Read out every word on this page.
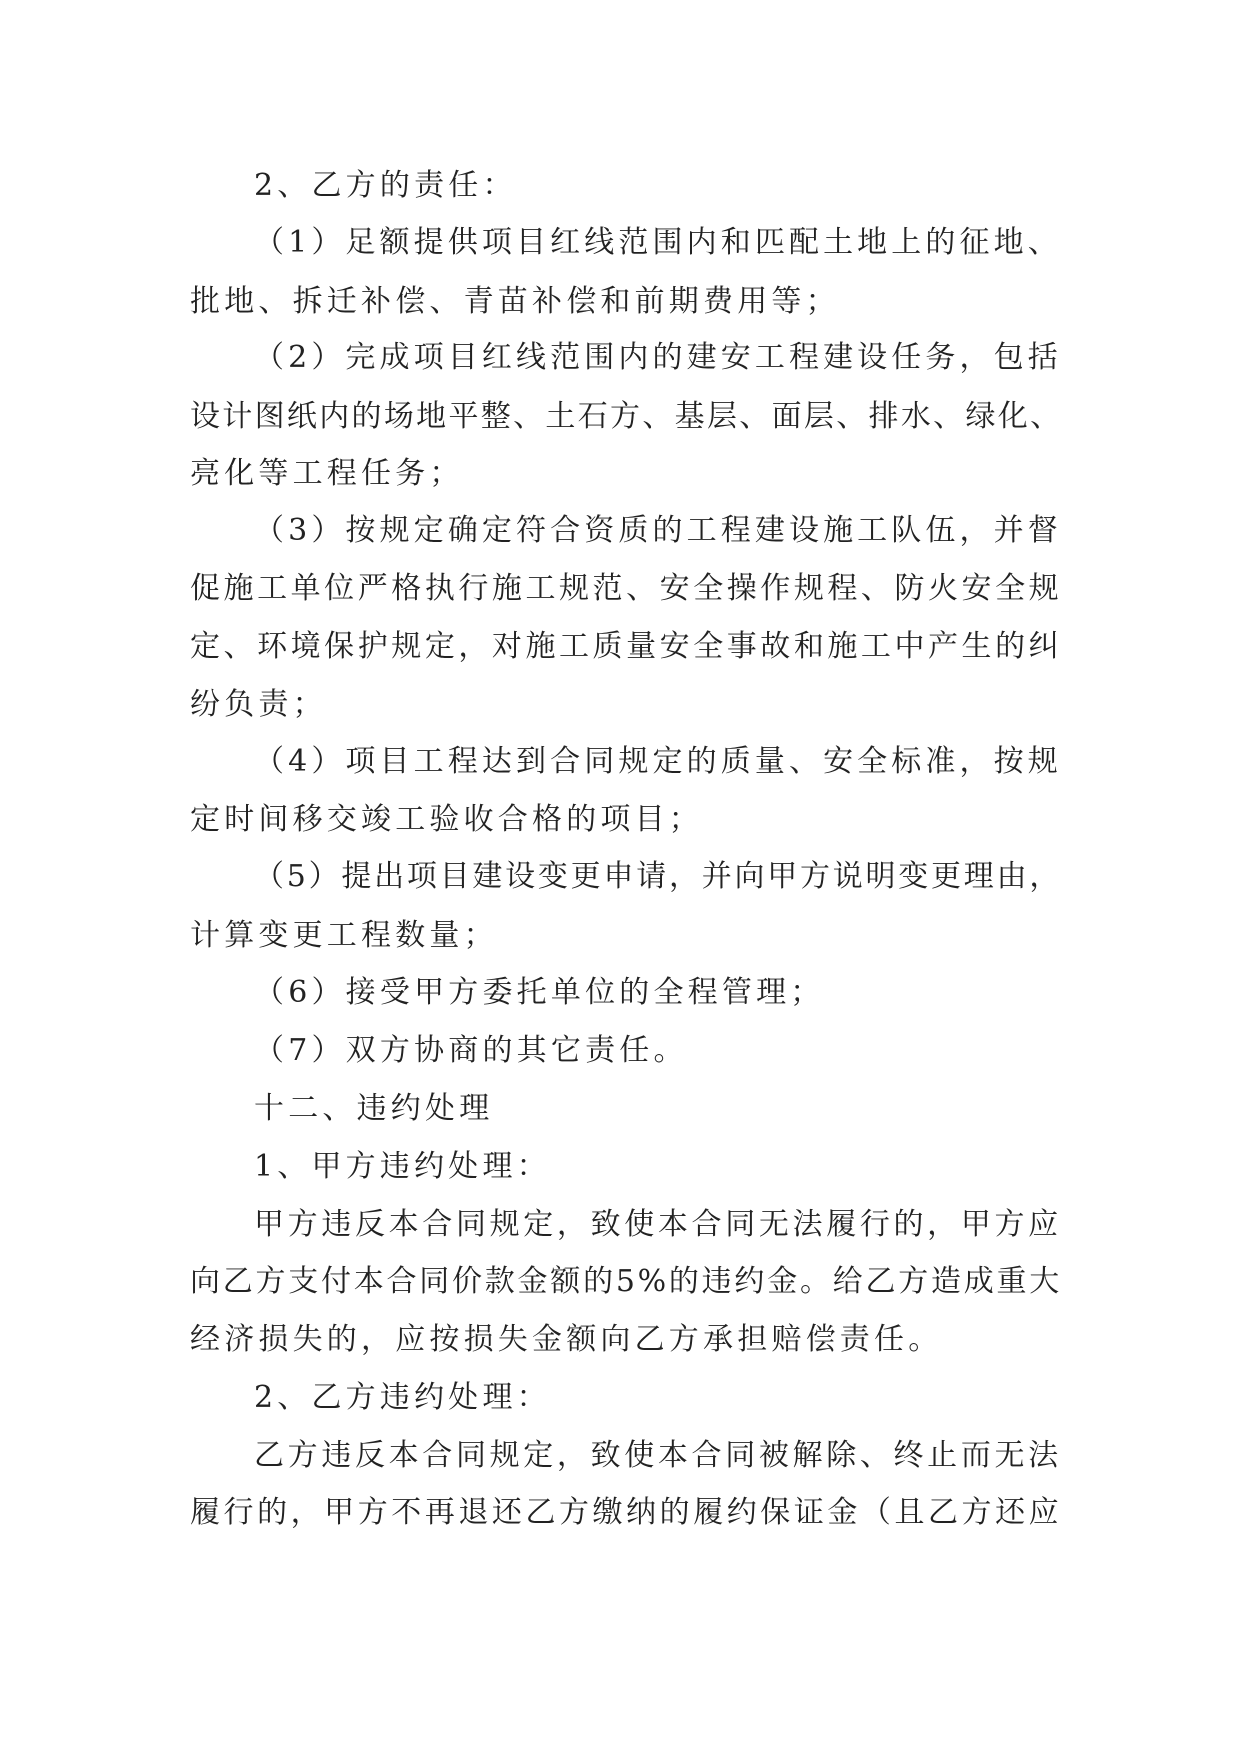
2、乙方的责任：
（1）足额提供项目红线范围内和匹配土地上的征地、
批地、拆迁补偿、青苗补偿和前期费用等；
（2）完成项目红线范围内的建安工程建设任务，包括
设计图纸内的场地平整、土石方、基层、面层、排水、绿化、
亮化等工程任务；
（3）按规定确定符合资质的工程建设施工队伍，并督
促施工单位严格执行施工规范、安全操作规程、防火安全规
定、环境保护规定，对施工质量安全事故和施工中产生的纠
纷负责；
（4）项目工程达到合同规定的质量、安全标准，按规
定时间移交竣工验收合格的项目；
（5）提出项目建设变更申请，并向甲方说明变更理由，
计算变更工程数量；
（6）接受甲方委托单位的全程管理；
（7）双方协商的其它责任。
十二、违约处理
1、甲方违约处理：
甲方违反本合同规定，致使本合同无法履行的，甲方应
向乙方支付本合同价款金额的5%的违约金。给乙方造成重大
经济损失的，应按损失金额向乙方承担赔偿责任。
2、乙方违约处理：
乙方违反本合同规定，致使本合同被解除、终止而无法
履行的，甲方不再退还乙方缴纳的履约保证金（且乙方还应
